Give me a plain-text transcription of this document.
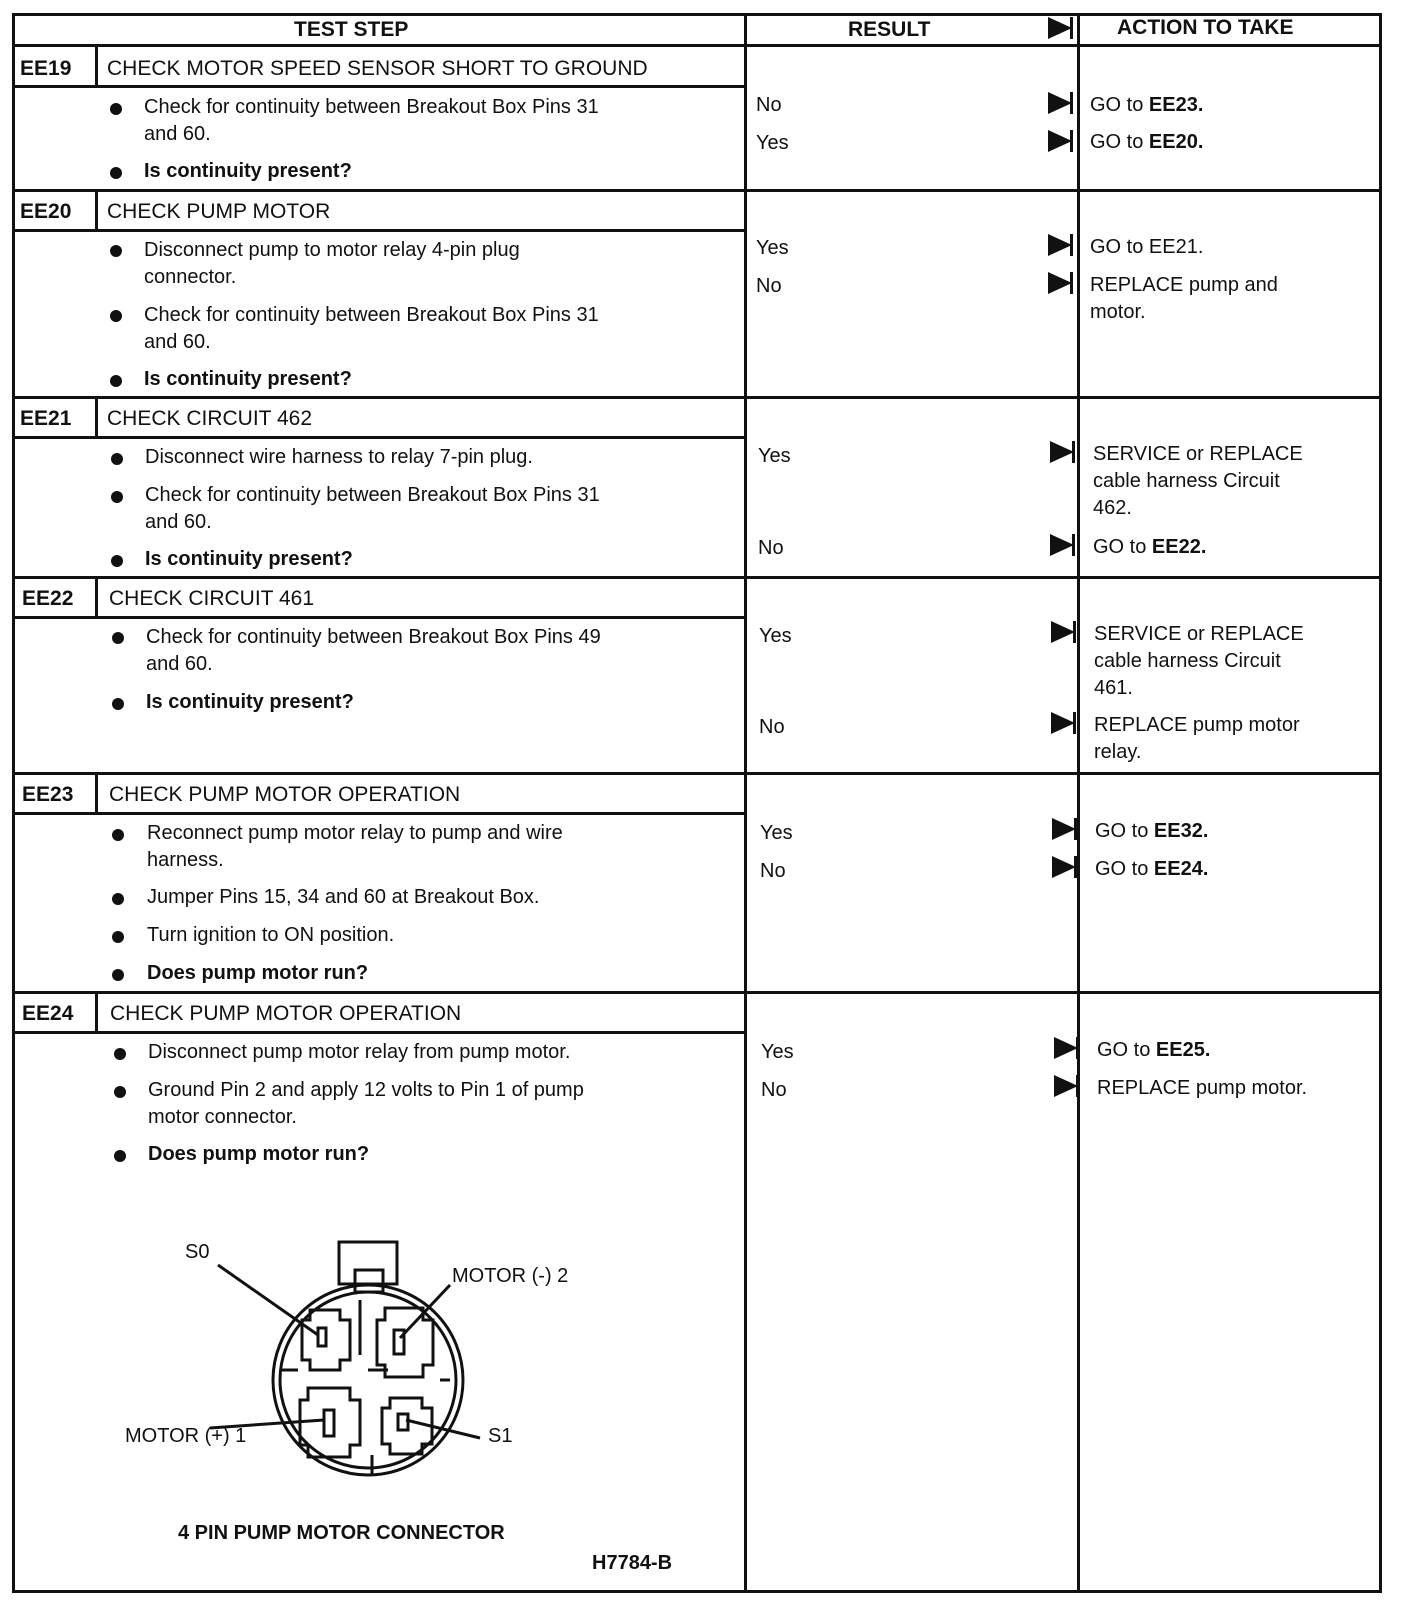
TEST STEP	RESULT	ACTION TO TAKE
EE19 CHECK MOTOR SPEED SENSOR SHORT TO GROUND
Check for continuity between Breakout Box Pins 31
and 60.
Is continuity present?
No	GO to EE23.
Yes	GO to EE20.
EE20 CHECK PUMP MOTOR
Disconnect pump to motor relay 4-pin plug
connector.
Check for continuity between Breakout Box Pins 31
and 60.
Is continuity present?
Yes	GO to EE21.
No	REPLACE pump and
motor.
EE21 CHECK CIRCUIT 462
Disconnect wire harness to relay 7-pin plug.
Check for continuity between Breakout Box Pins 31
and 60.
Is continuity present?
Yes	SERVICE or REPLACE
cable harness Circuit
462.
No	GO to EE22.
EE22 CHECK CIRCUIT 461
Check for continuity between Breakout Box Pins 49
and 60.
Is continuity present?
Yes	SERVICE or REPLACE
cable harness Circuit
461.
No	REPLACE pump motor
relay.
EE23 CHECK PUMP MOTOR OPERATION
Reconnect pump motor relay to pump and wire
harness.
Jumper Pins 15, 34 and 60 at Breakout Box.
Turn ignition to ON position.
Does pump motor run?
Yes	GO to EE32.
No	GO to EE24.
EE24 CHECK PUMP MOTOR OPERATION
Disconnect pump motor relay from pump motor.
Ground Pin 2 and apply 12 volts to Pin 1 of pump
motor connector.
Does pump motor run?
Yes	GO to EE25.
No	REPLACE pump motor.
S0
MOTOR (-) 2
MOTOR (+) 1	S1
4 PIN PUMP MOTOR CONNECTOR
H7784-B
